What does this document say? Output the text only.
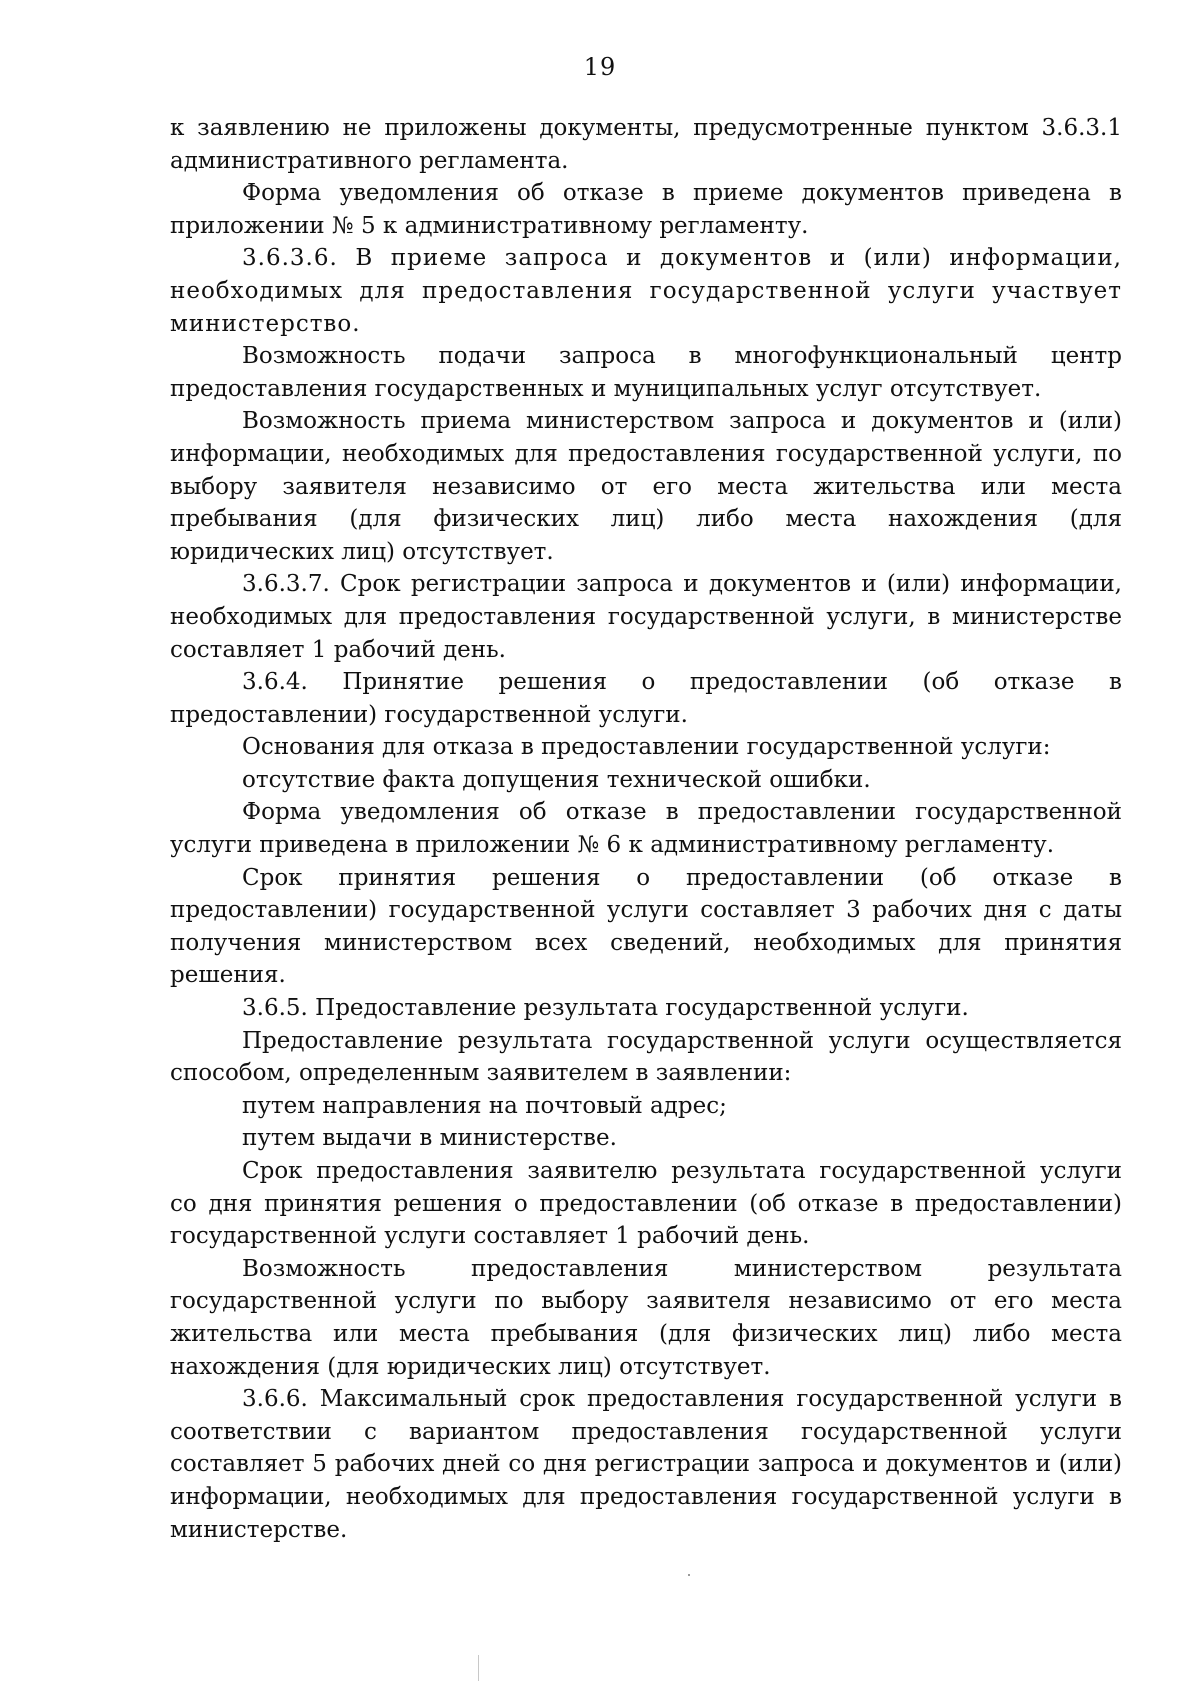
19

к заявлению не приложены документы, предусмотренные пунктом 3.6.3.1 административного регламента.

Форма уведомления об отказе в приеме документов приведена в приложении № 5 к административному регламенту.

3.6.3.6. В приеме запроса и документов и (или) информации, необходимых для предоставления государственной услуги участвует министерство.

Возможность подачи запроса в многофункциональный центр предоставления государственных и муниципальных услуг отсутствует.

Возможность приема министерством запроса и документов и (или) информации, необходимых для предоставления государственной услуги, по выбору заявителя независимо от его места жительства или места пребывания (для физических лиц) либо места нахождения (для юридических лиц) отсутствует.

3.6.3.7. Срок регистрации запроса и документов и (или) информации, необходимых для предоставления государственной услуги, в министерстве составляет 1 рабочий день.

3.6.4. Принятие решения о предоставлении (об отказе в предоставлении) государственной услуги.

Основания для отказа в предоставлении государственной услуги:

отсутствие факта допущения технической ошибки.

Форма уведомления об отказе в предоставлении государственной услуги приведена в приложении № 6 к административному регламенту.

Срок принятия решения о предоставлении (об отказе в предоставлении) государственной услуги составляет 3 рабочих дня с даты получения министерством всех сведений, необходимых для принятия решения.

3.6.5. Предоставление результата государственной услуги.

Предоставление результата государственной услуги осуществляется способом, определенным заявителем в заявлении:

путем направления на почтовый адрес;

путем выдачи в министерстве.

Срок предоставления заявителю результата государственной услуги со дня принятия решения о предоставлении (об отказе в предоставлении) государственной услуги составляет 1 рабочий день.

Возможность предоставления министерством результата государственной услуги по выбору заявителя независимо от его места жительства или места пребывания (для физических лиц) либо места нахождения (для юридических лиц) отсутствует.

3.6.6. Максимальный срок предоставления государственной услуги в соответствии с вариантом предоставления государственной услуги составляет 5 рабочих дней со дня регистрации запроса и документов и (или) информации, необходимых для предоставления государственной услуги в министерстве.
